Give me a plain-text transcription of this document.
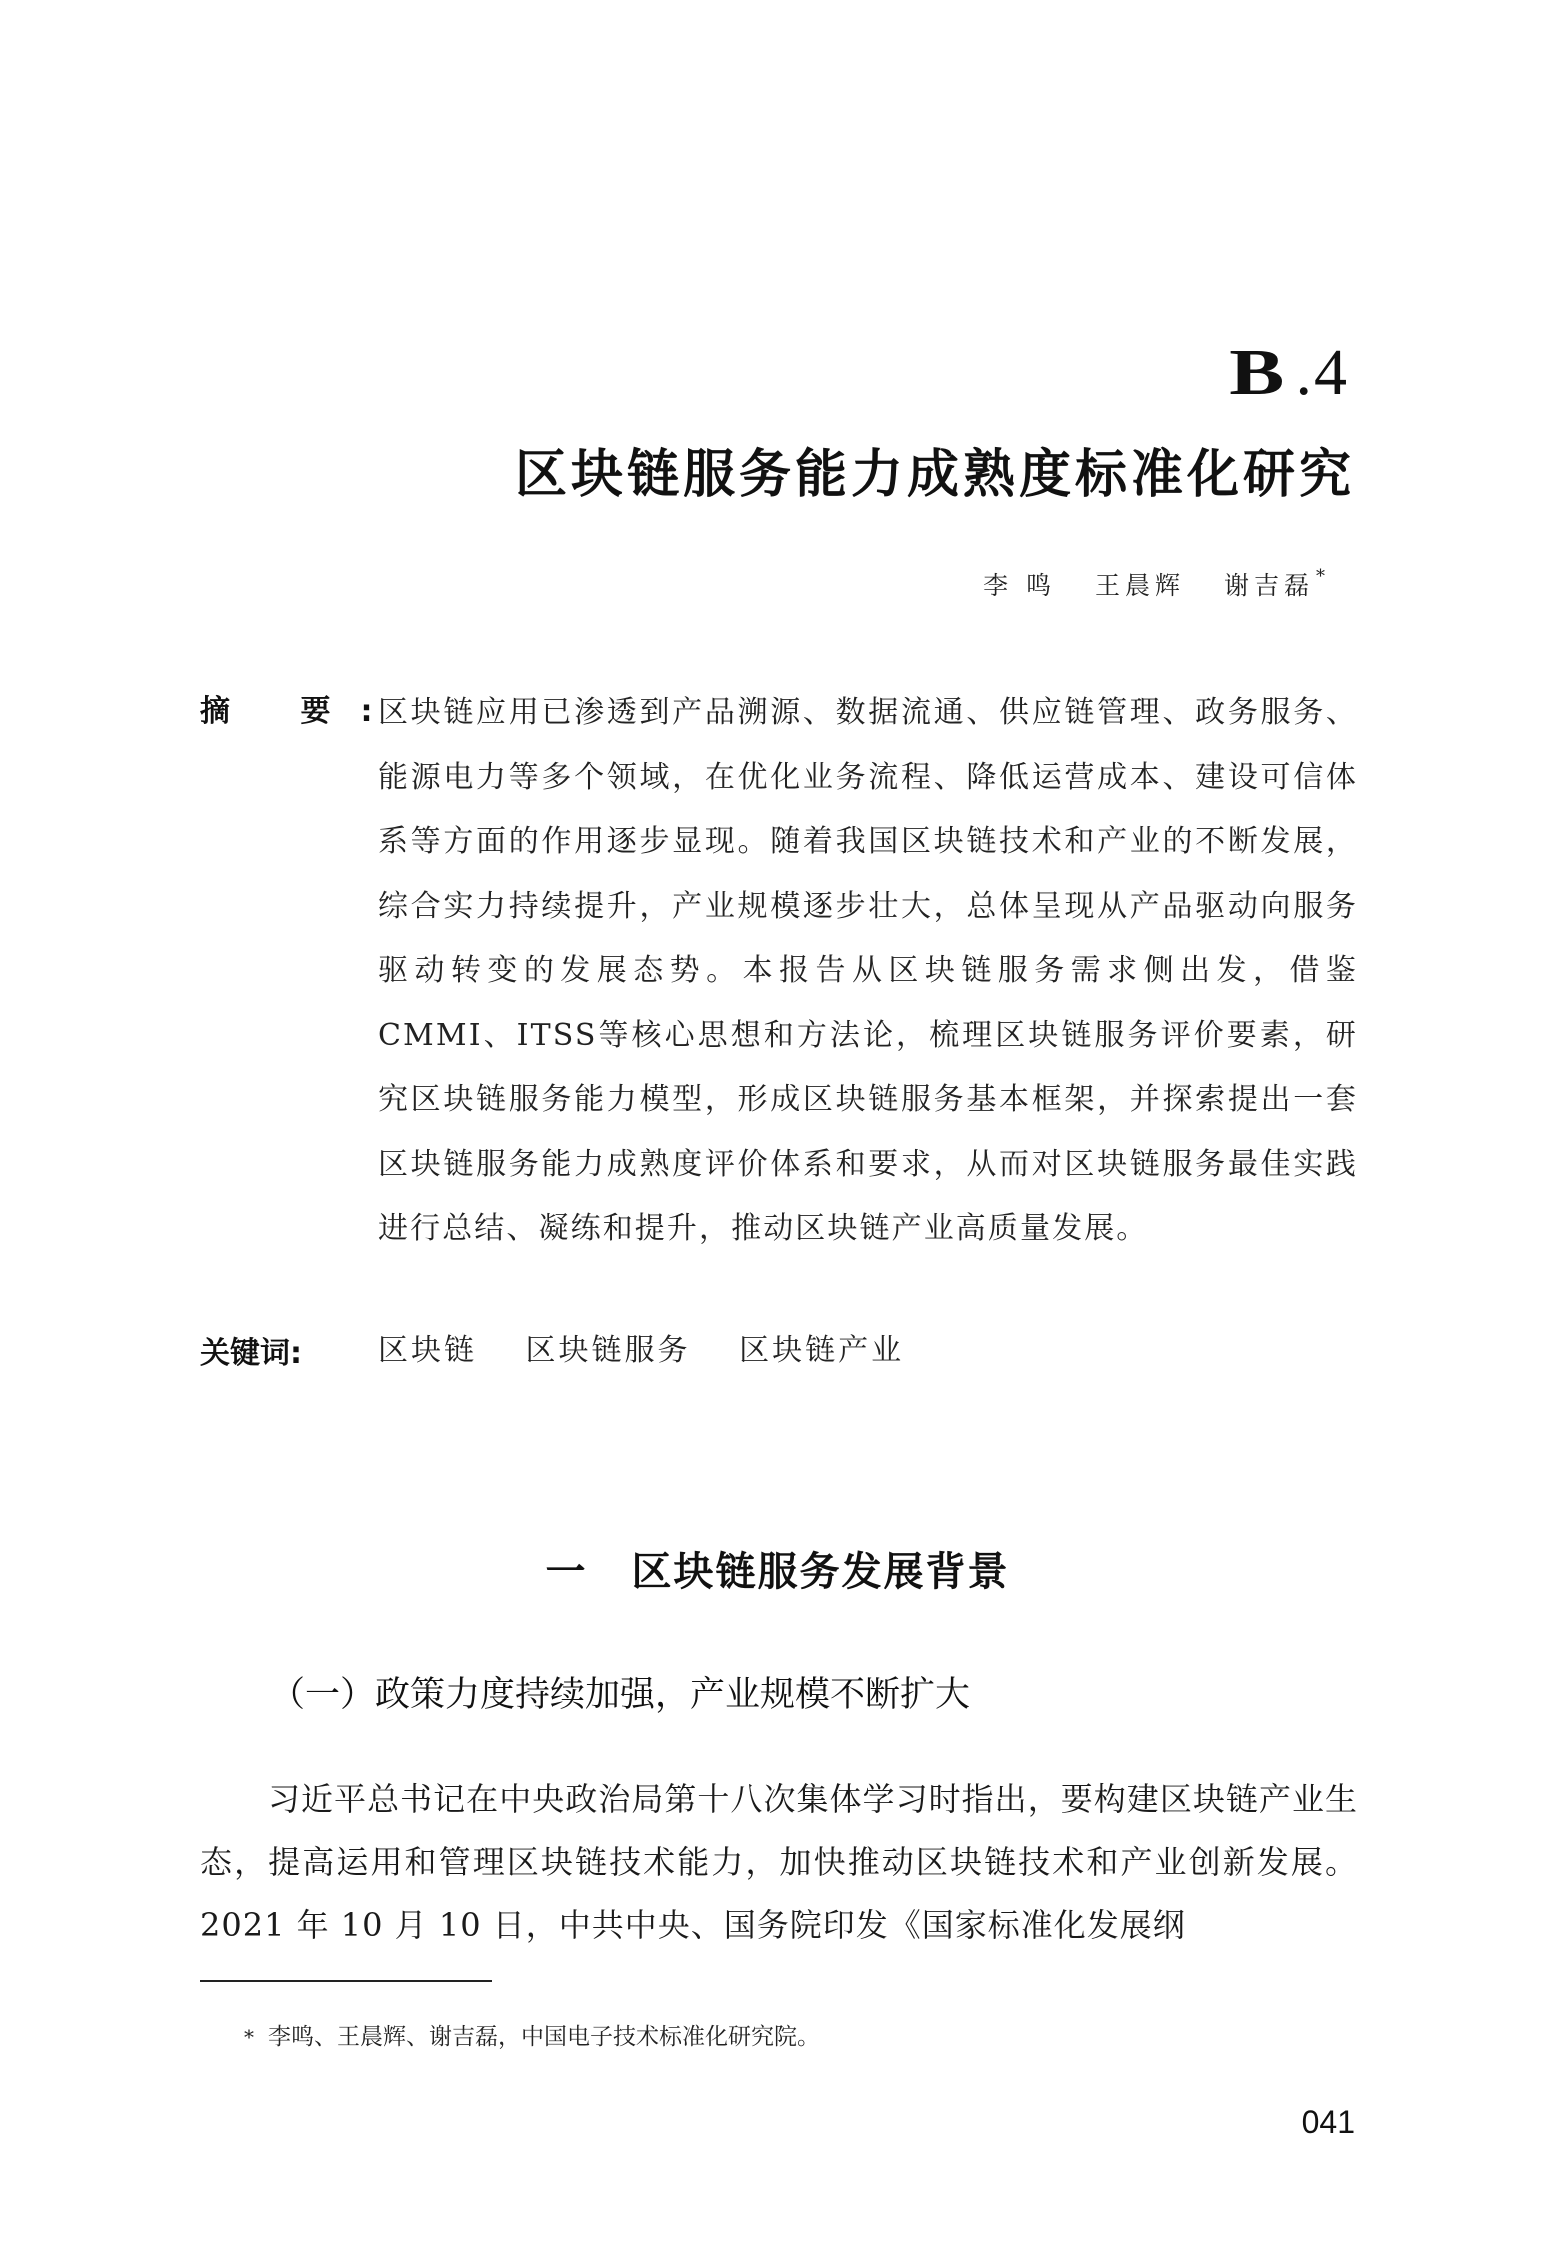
B .4
区块链服务能力成熟度标准化研究
李 鸣 王晨辉 谢吉磊 *
摘 要:
区块链应用已渗透到产品溯源、数据流通、供应链管理、政务服务、能源电力等多个领域，在优化业务流程、降低运营成本、建设可信体系等方面的作用逐步显现。随着我国区块链技术和产业的不断发展，综合实力持续提升，产业规模逐步壮大，总体呈现从产品驱动向服务驱动转变的发展态势。本报告从区块链服务需求侧出发，借鉴CMMI、ITSS等核心思想和方法论，梳理区块链服务评价要素，研究区块链服务能力模型，形成区块链服务基本框架，并探索提出一套区块链服务能力成熟度评价体系和要求，从而对区块链服务最佳实践进行总结、凝练和提升，推动区块链产业高质量发展。
关键词:	区块链 区块链服务 区块链产业
一 区块链服务发展背景
（一）政策力度持续加强，产业规模不断扩大
习近平总书记在中央政治局第十八次集体学习时指出，要构建区块链产业生态，提高运用和管理区块链技术能力，加快推动区块链技术和产业创新发展。2021 年 10 月 10 日，中共中央、国务院印发《国家标准化发展纲
* 李鸣、王晨辉、谢吉磊，中国电子技术标准化研究院。
041
